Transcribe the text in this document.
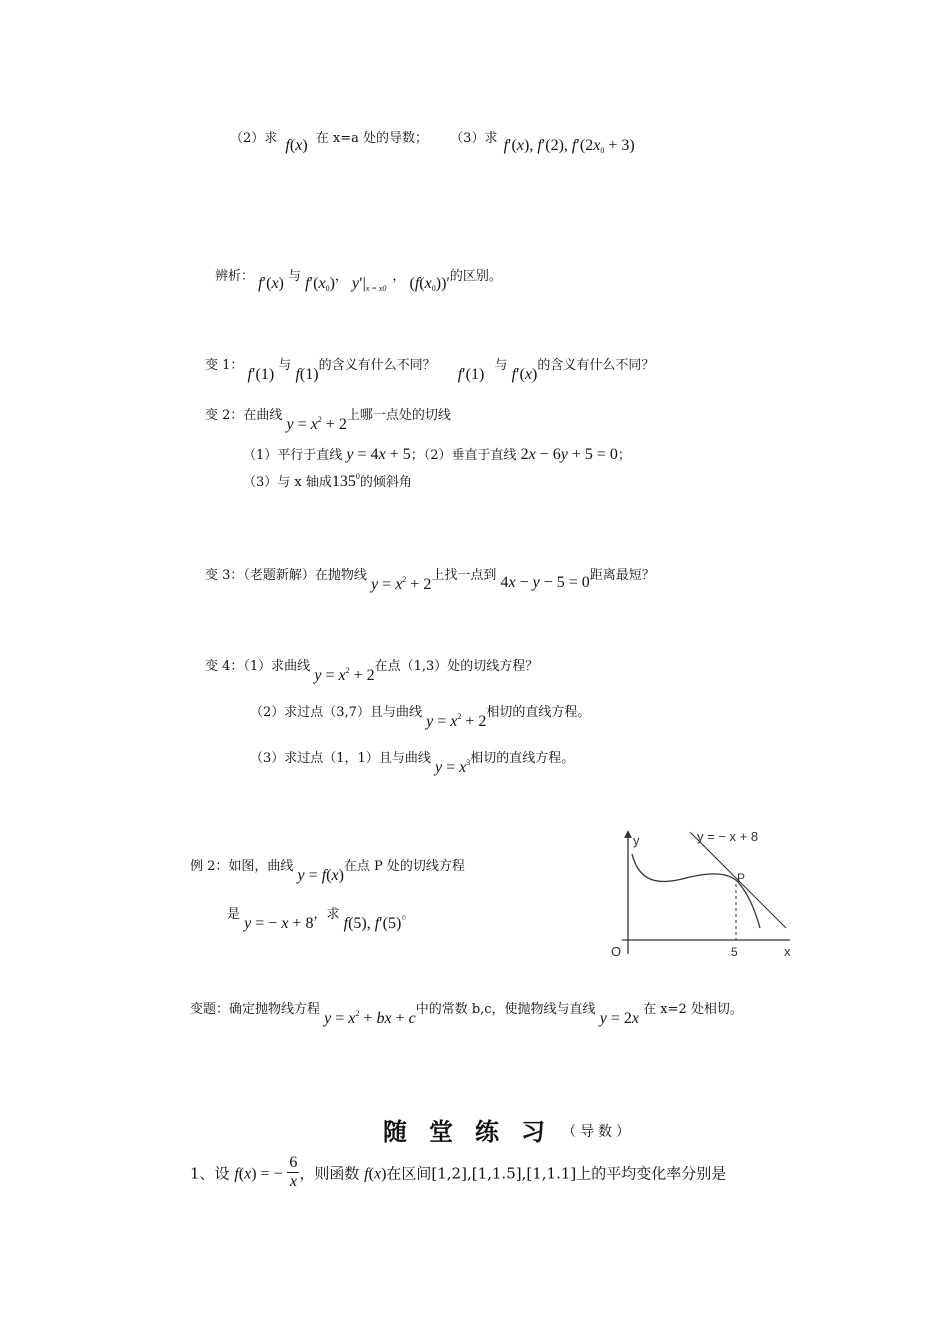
（2）求 f(x) 在 x=a 处的导数； （3）求 f′(x), f′(2), $f'(2x_0 + 3)$
辨析： f′(x) 与 $f'(x_0)$， $y'|_{x = x0}$， $(f(x_0))'$的区别。
变 1： f′(1) 与 f(1)的含义有什么不同？ f′(1) 与 f′(x)的含义有什么不同？
变 2：在曲线 $y = x^2 + 2$上哪一点处的切线
（1）平行于直线 y = 4x + 5；（2）垂直于直线 2x − 6y + 5 = 0；
（3）与 x 轴成$135^0$的倾斜角
变 3：（老题新解）在抛物线 $y = x^2 + 2$上找一点到 4x − y − 5 = 0距离最短？
变 4：（1）求曲线 $y = x^2 + 2$在点（1,3）处的切线方程？
（2）求过点（3,7）且与曲线 $y = x^2 + 2$相切的直线方程。
（3）求过点（1，1）且与曲线 $y = x^3$相切的直线方程。
例 2：如图，曲线 y = f(x)在点 P 处的切线方程
是 y = − x + 8，求 f(5), f′(5)。
y
x
O
y = − x + 8
P
5
变题：确定抛物线方程 $y = x^2$ + bx + c中的常数 b,c，使抛物线与直线 y = 2x 在 x=2 处相切。
随堂练习
（导数）
1、设 f(x) = − $\frac{6}{x}$ ，则函数 f(x)在区间[1,2],[1,1.5],[1,1.1]上的平均变化率分别是
